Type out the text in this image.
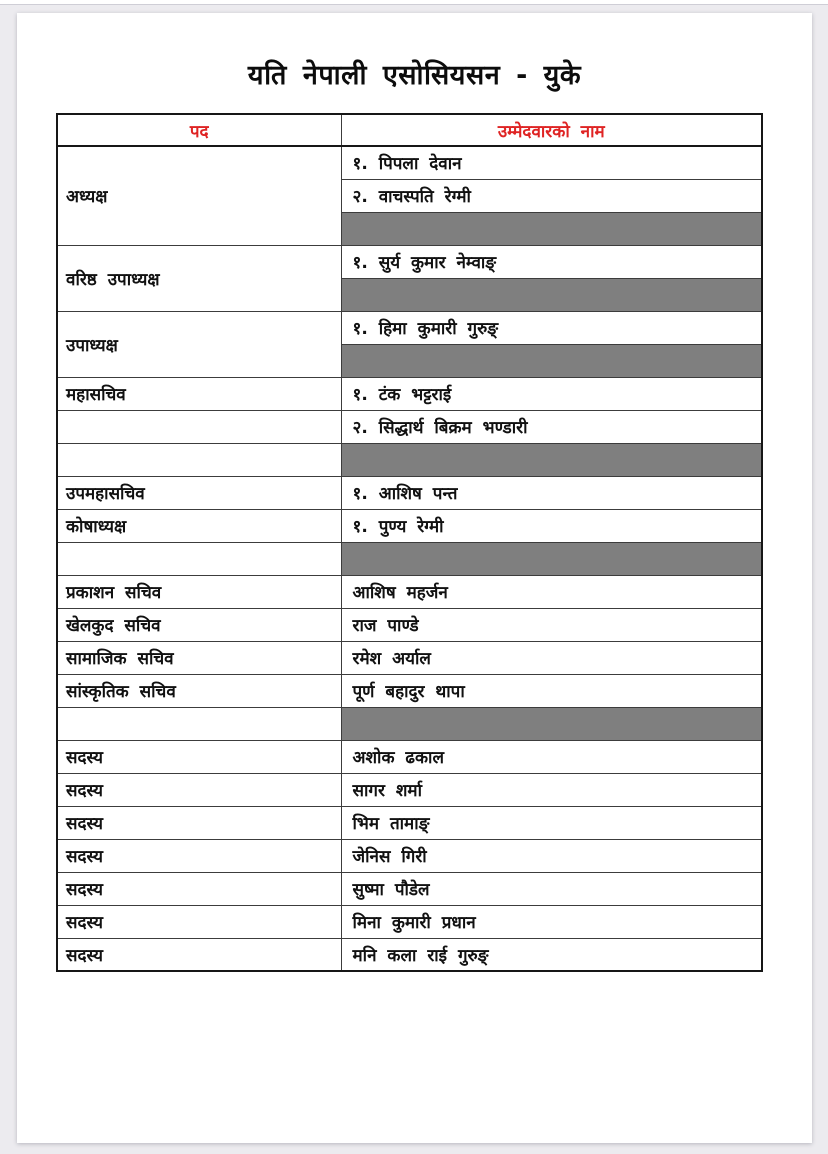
यति नेपाली एसोसियसन - युके
पद	उम्मेदवारको नाम
अध्यक्ष	१. पिपला देवान
	२. वाचस्पति रेग्मी

वरिष्ठ उपाध्यक्ष	१. सुर्य कुमार नेम्वाङ्

उपाध्यक्ष	१. हिमा कुमारी गुरुङ्

महासचिव	१. टंक भट्टराई
	२. सिद्धार्थ बिक्रम भण्डारी

उपमहासचिव	१. आशिष पन्त
कोषाध्यक्ष	१. पुण्य रेग्मी

प्रकाशन सचिव	आशिष महर्जन
खेलकुद सचिव	राज पाण्डे
सामाजिक सचिव	रमेश अर्याल
सांस्कृतिक सचिव	पूर्ण बहादुर थापा

सदस्य	अशोक ढकाल
सदस्य	सागर शर्मा
सदस्य	भिम तामाङ्
सदस्य	जेनिस गिरी
सदस्य	सुष्मा पौडेल
सदस्य	मिना कुमारी प्रधान
सदस्य	मनि कला राई गुरुङ्
